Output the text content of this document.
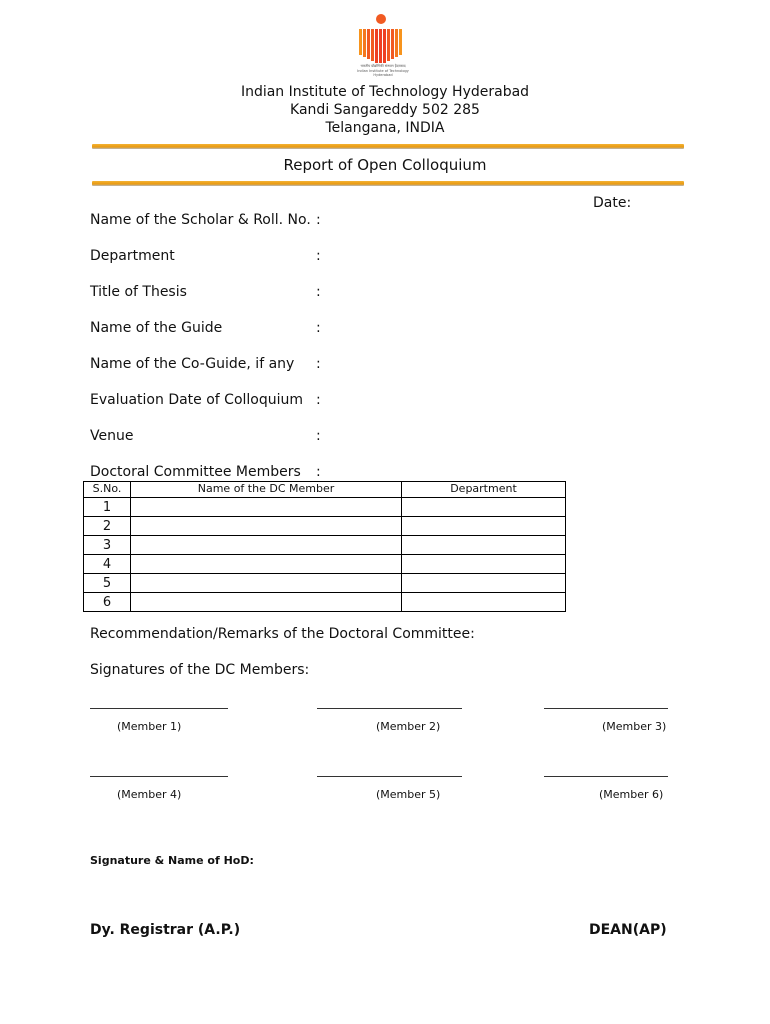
भारतीय प्रौद्योगिकी संस्थान हैदराबाद
Indian Institute of Technology
Hyderabad
Indian Institute of Technology Hyderabad
Kandi Sangareddy 502 285
Telangana, INDIA
Report of Open Colloquium
Date:
Name of the Scholar & Roll. No. :
Department	:
Title of Thesis	:
Name of the Guide	:
Name of the Co-Guide, if any :
Evaluation Date of Colloquium :
Venue	:
Doctoral Committee Members :
S.No.	Name of the DC Member	Department
1		
2		
3		
4		
5		
6		
Recommendation/Remarks of the Doctoral Committee:
Signatures of the DC Members:
(Member 1)	(Member 2)	(Member 3)
(Member 4)	(Member 5)	(Member 6)
Signature & Name of HoD:
Dy. Registrar (A.P.)	DEAN(AP)
